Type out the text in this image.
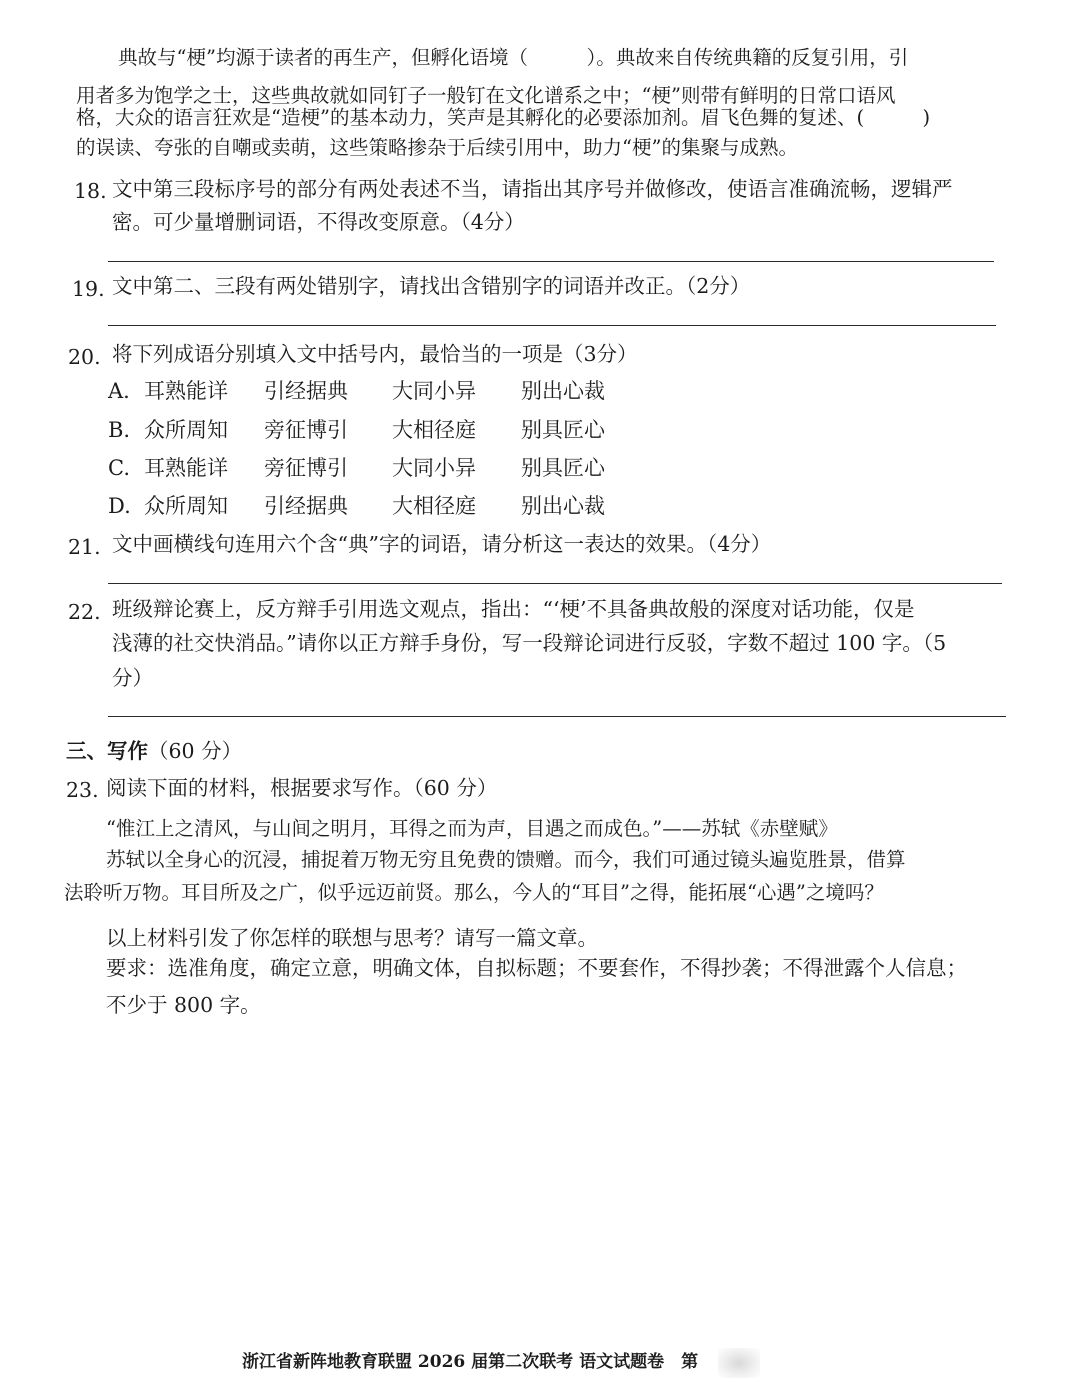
典故与“梗”均源于读者的再生产，但孵化语境（　　　）。典故来自传统典籍的反复引用，引
用者多为饱学之士，这些典故就如同钉子一般钉在文化谱系之中；“梗”则带有鲜明的日常口语风
格，大众的语言狂欢是“造梗”的基本动力，笑声是其孵化的必要添加剂。眉飞色舞的复述、(　　　)
的误读、夸张的自嘲或卖萌，这些策略掺杂于后续引用中，助力“梗”的集聚与成熟。
18. 文中第三段标序号的部分有两处表述不当，请指出其序号并做修改，使语言准确流畅，逻辑严
密。可少量增删词语，不得改变原意。（4分）
19. 文中第二、三段有两处错别字，请找出含错别字的词语并改正。（2分）
20. 将下列成语分别填入文中括号内，最恰当的一项是（3分）
A. 耳熟能详 引经据典 大同小异 别出心裁
B. 众所周知 旁征博引 大相径庭 别具匠心
C. 耳熟能详 旁征博引 大同小异 别具匠心
D. 众所周知 引经据典 大相径庭 别出心裁
21. 文中画横线句连用六个含“典”字的词语，请分析这一表达的效果。（4分）
22. 班级辩论赛上，反方辩手引用选文观点，指出：“‘梗’不具备典故般的深度对话功能，仅是
浅薄的社交快消品。”请你以正方辩手身份，写一段辩论词进行反驳，字数不超过 100 字。（5
分）
三、写作（60 分）
23. 阅读下面的材料，根据要求写作。（60 分）
“惟江上之清风，与山间之明月，耳得之而为声，目遇之而成色。”——苏轼《赤壁赋》
苏轼以全身心的沉浸，捕捉着万物无穷且免费的馈赠。而今，我们可通过镜头遍览胜景，借算
法聆听万物。耳目所及之广，似乎远迈前贤。那么，今人的“耳目”之得，能拓展“心遇”之境吗？
以上材料引发了你怎样的联想与思考？请写一篇文章。
要求：选准角度，确定立意，明确文体，自拟标题；不要套作，不得抄袭；不得泄露个人信息；
不少于 800 字。
浙江省新阵地教育联盟 2026 届第二次联考 语文试题卷　第
